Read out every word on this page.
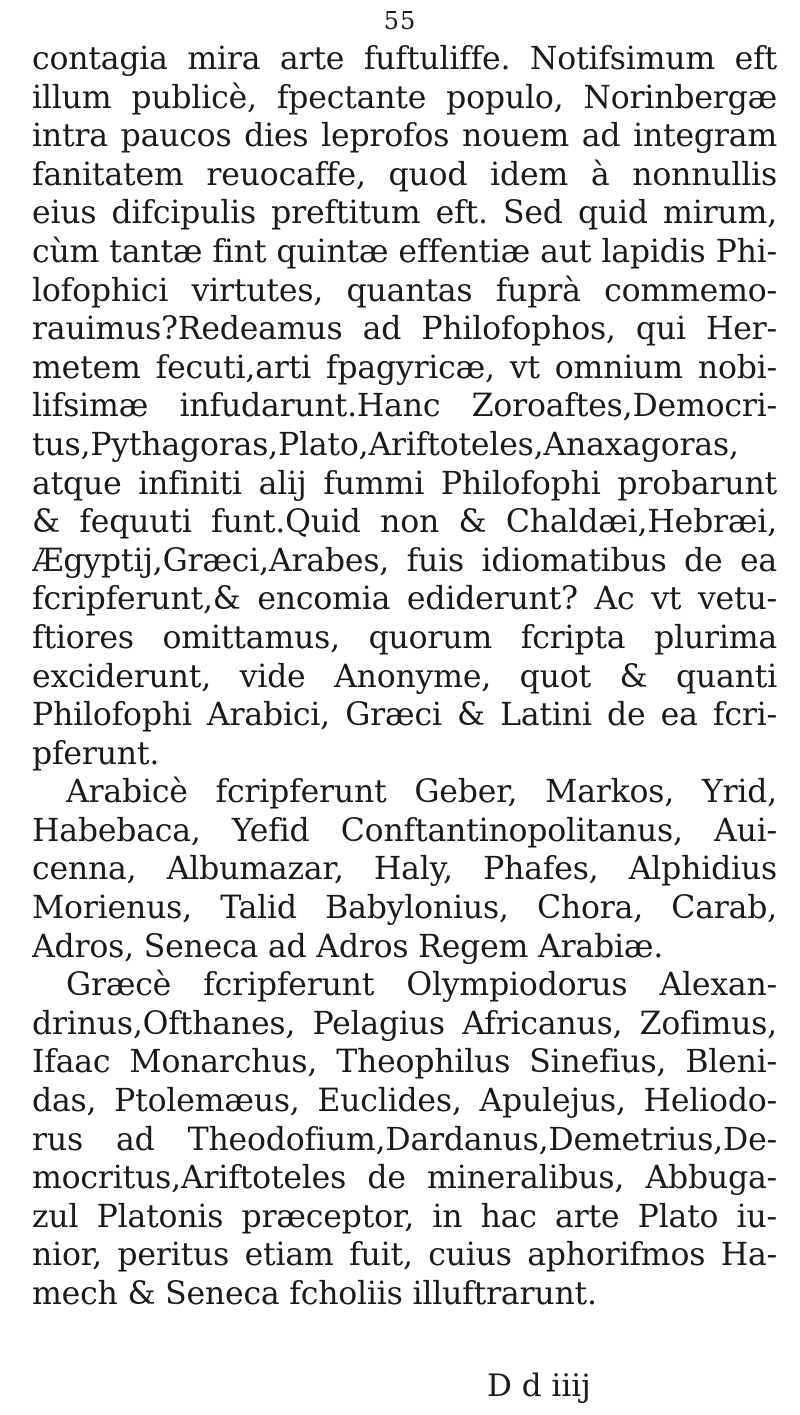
55
contagia mira arte fuftuliffe. Notifsimum eft
illum publicè, fpectante populo, Norinbergæ
intra paucos dies leprofos nouem ad integram
fanitatem reuocaffe, quod idem à nonnullis
eius difcipulis preftitum eft. Sed quid mirum,
cùm tantæ fint quintæ effentiæ aut lapidis Phi-
lofophici virtutes, quantas fuprà commemo-
rauimus?Redeamus ad Philofophos, qui Her-
metem fecuti,arti fpagyricæ, vt omnium nobi-
lifsimæ infudarunt.Hanc Zoroaftes,Democri-
tus,Pythagoras,Plato,Ariftoteles,Anaxagoras,
atque infiniti alij fummi Philofophi probarunt
& fequuti funt.Quid non & Chaldæi,Hebræi,
Ægyptij,Græci,Arabes, fuis idiomatibus de ea
fcripferunt,& encomia ediderunt? Ac vt vetu-
ftiores omittamus, quorum fcripta plurima
exciderunt, vide Anonyme, quot & quanti
Philofophi Arabici, Græci & Latini de ea fcri-
pferunt.
Arabicè fcripferunt Geber, Markos, Yrid,
Habebaca, Yefid Conftantinopolitanus, Aui-
cenna, Albumazar, Haly, Phafes, Alphidius
Morienus, Talid Babylonius, Chora, Carab,
Adros, Seneca ad Adros Regem Arabiæ.
Græcè fcripferunt Olympiodorus Alexan-
drinus,Ofthanes, Pelagius Africanus, Zofimus,
Ifaac Monarchus, Theophilus Sinefius, Bleni-
das, Ptolemæus, Euclides, Apulejus, Heliodo-
rus ad Theodofium,Dardanus,Demetrius,De-
mocritus,Ariftoteles de mineralibus, Abbuga-
zul Platonis præceptor, in hac arte Plato iu-
nior, peritus etiam fuit, cuius aphorifmos Ha-
mech & Seneca fcholiis illuftrarunt.
D d iiij
